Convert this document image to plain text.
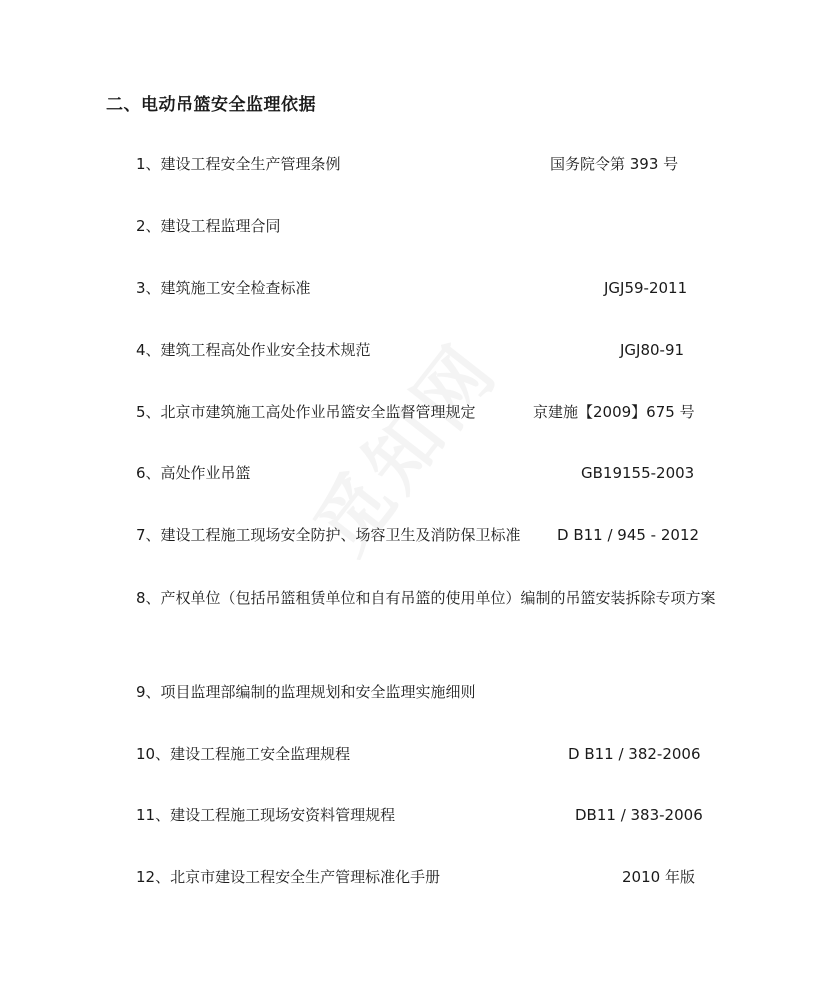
二、电动吊篮安全监理依据
1、建设工程安全生产管理条例	国务院令第 393 号
2、建设工程监理合同
3、建筑施工安全检查标准	JGJ59-2011
4、建筑工程高处作业安全技术规范	JGJ80-91
5、北京市建筑施工高处作业吊篮安全监督管理规定	京建施【2009】675 号
6、高处作业吊篮	GB19155-2003
7、建设工程施工现场安全防护、场容卫生及消防保卫标准 D B11 / 945 - 2012
8、产权单位（包括吊篮租赁单位和自有吊篮的使用单位）编制的吊篮安装拆除专项方案
9、项目监理部编制的监理规划和安全监理实施细则
10、建设工程施工安全监理规程	D B11 / 382-2006
11、建设工程施工现场安资料管理规程	DB11 / 383-2006
12、北京市建设工程安全生产管理标准化手册	2010 年版
